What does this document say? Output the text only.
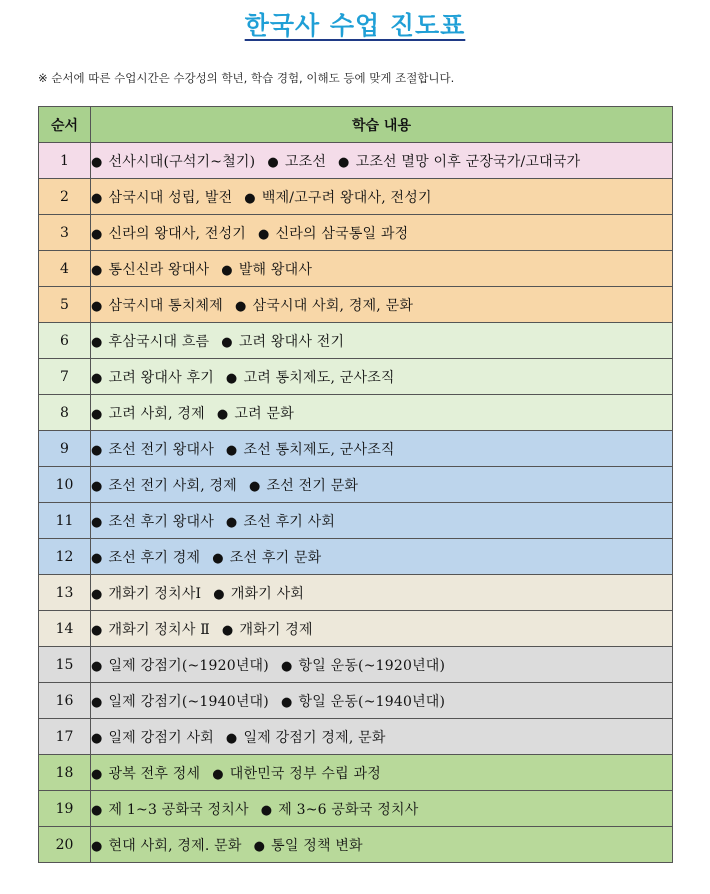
한국사 수업 진도표
※ 순서에 따른 수업시간은 수강성의 학년, 학습 경험, 이해도 등에 맞게 조절합니다.
순서	학습 내용
1	● 선사시대(구석기~철기) ● 고조선 ● 고조선 멸망 이후 군장국가/고대국가
2	● 삼국시대 성립, 발전 ● 백제/고구려 왕대사, 전성기
3	● 신라의 왕대사, 전성기 ● 신라의 삼국통일 과정
4	● 통신신라 왕대사 ● 발해 왕대사
5	● 삼국시대 통치체제 ● 삼국시대 사회, 경제, 문화
6	● 후삼국시대 흐름 ● 고려 왕대사 전기
7	● 고려 왕대사 후기 ● 고려 통치제도, 군사조직
8	● 고려 사회, 경제 ● 고려 문화
9	● 조선 전기 왕대사 ● 조선 통치제도, 군사조직
10	● 조선 전기 사회, 경제 ● 조선 전기 문화
11	● 조선 후기 왕대사 ● 조선 후기 사회
12	● 조선 후기 경제 ● 조선 후기 문화
13	● 개화기 정치사Ⅰ ● 개화기 사회
14	● 개화기 정치사 Ⅱ ● 개화기 경제
15	● 일제 강점기(~1920년대) ● 항일 운동(~1920년대)
16	● 일제 강점기(~1940년대) ● 항일 운동(~1940년대)
17	● 일제 강점기 사회 ● 일제 강점기 경제, 문화
18	● 광복 전후 정세 ● 대한민국 정부 수립 과정
19	● 제 1~3 공화국 정치사 ● 제 3~6 공화국 정치사
20	● 현대 사회, 경제. 문화 ● 통일 정책 변화
